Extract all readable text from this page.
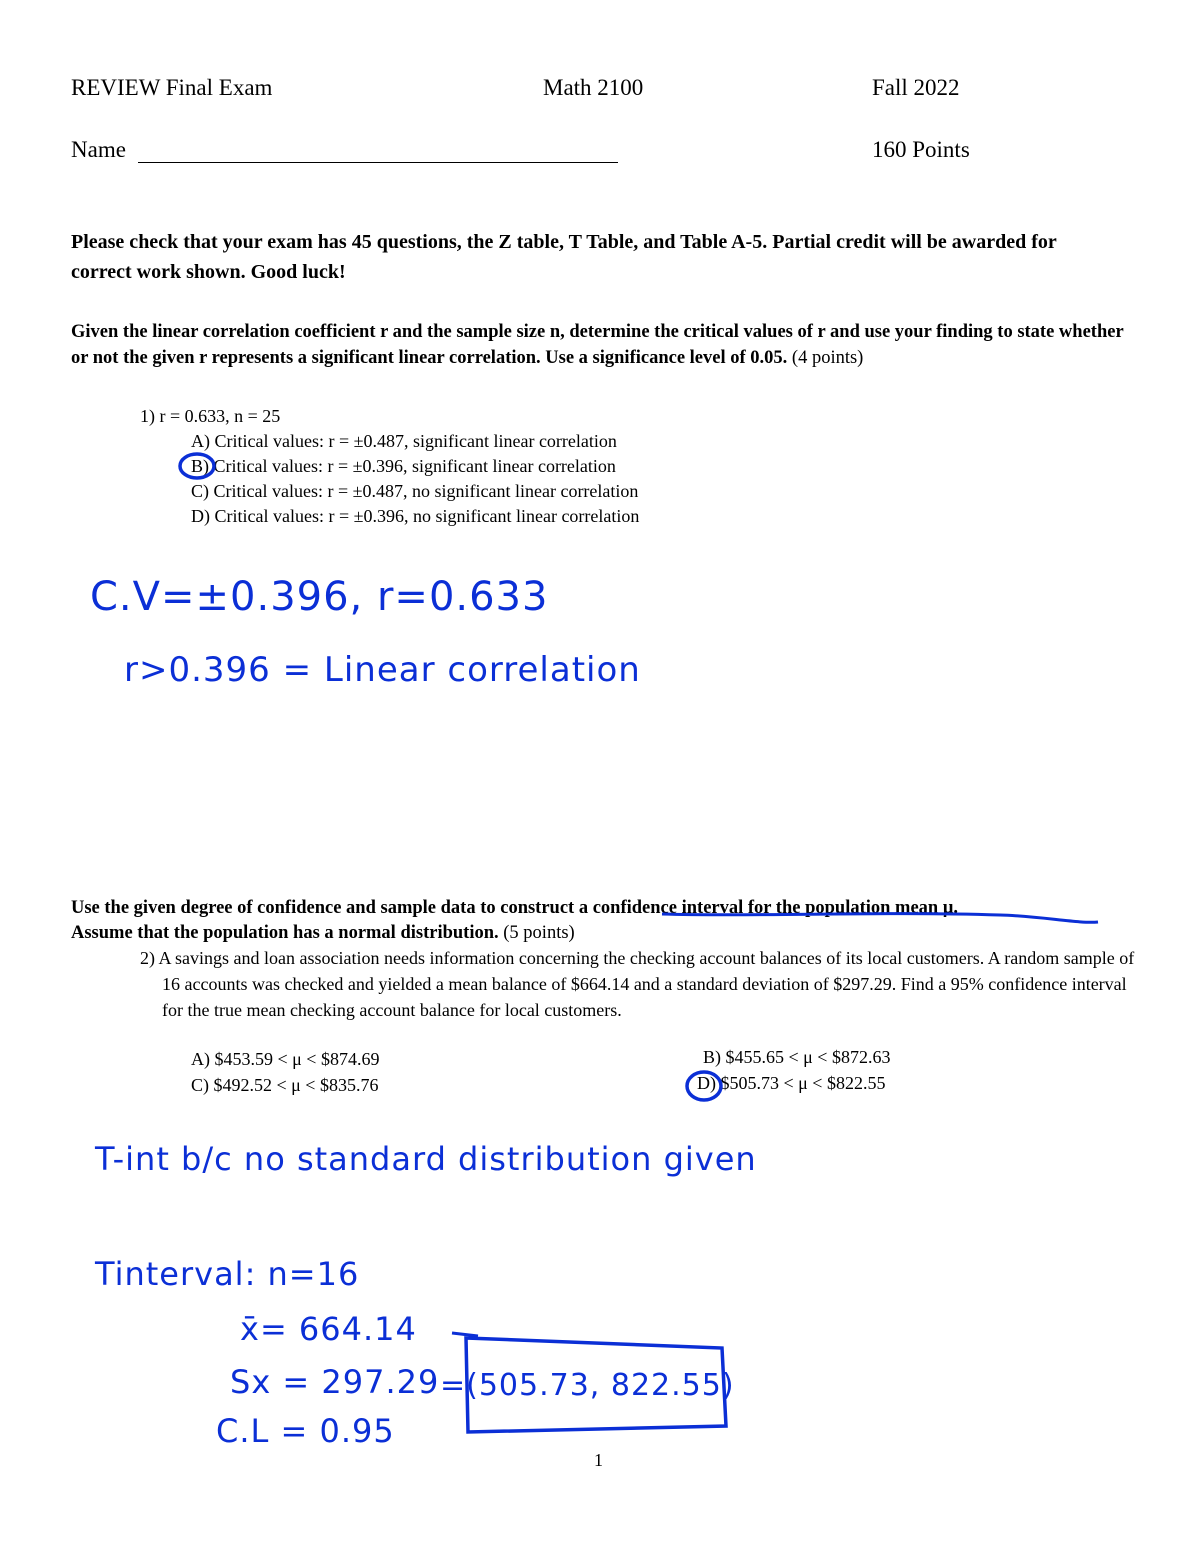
REVIEW Final Exam	Math 2100	Fall 2022
Name	160 Points
Please check that your exam has 45 questions, the Z table, T Table, and Table A-5. Partial credit will be awarded for correct work shown. Good luck!
Given the linear correlation coefficient r and the sample size n, determine the critical values of r and use your finding to state whether or not the given r represents a significant linear correlation. Use a significance level of 0.05. (4 points)
1) r = 0.633, n = 25
A) Critical values: r = ±0.487, significant linear correlation
B) Critical values: r = ±0.396, significant linear correlation
C) Critical values: r = ±0.487, no significant linear correlation
D) Critical values: r = ±0.396, no significant linear correlation
C.V=±0.396, r=0.633
r>0.396 = Linear correlation
Use the given degree of confidence and sample data to construct a confidence interval for the population mean μ.
Assume that the population has a normal distribution. (5 points)
2) A savings and loan association needs information concerning the checking account balances of its local customers. A random sample of 16 accounts was checked and yielded a mean balance of $664.14 and a standard deviation of $297.29. Find a 95% confidence interval for the true mean checking account balance for local customers.
A) $453.59 < μ < $874.69	B) $455.65 < μ < $872.63
C) $492.52 < μ < $835.76	D) $505.73 < μ < $822.55
T-int b/c no standard distribution given
Tinterval: n=16
x̄= 664.14
Sx = 297.29
C.L = 0.95
=(505.73, 822.55)
1
